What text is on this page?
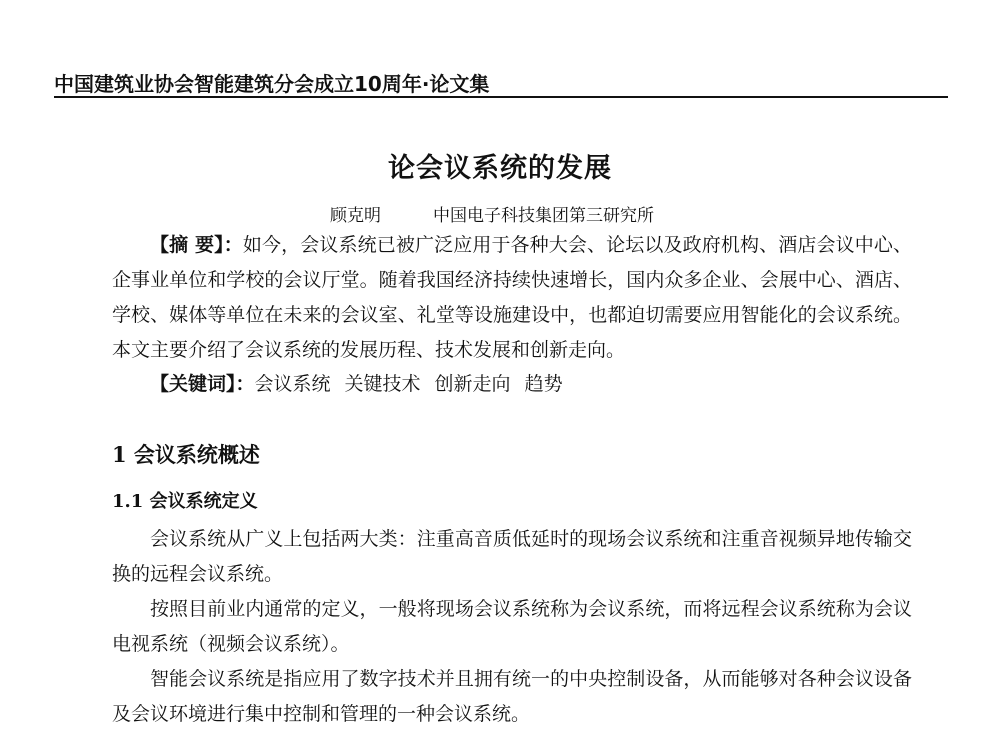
中国建筑业协会智能建筑分会成立10周年·论文集
论会议系统的发展
顾克明	中国电子科技集团第三研究所
【摘 要】：如今，会议系统已被广泛应用于各种大会、论坛以及政府机构、酒店会议中心、企事业单位和学校的会议厅堂。随着我国经济持续快速增长，国内众多企业、会展中心、酒店、学校、媒体等单位在未来的会议室、礼堂等设施建设中，也都迫切需要应用智能化的会议系统。本文主要介绍了会议系统的发展历程、技术发展和创新走向。
【关键词】：会议系统 关键技术 创新走向 趋势
1 会议系统概述
1.1 会议系统定义
会议系统从广义上包括两大类：注重高音质低延时的现场会议系统和注重音视频异地传输交换的远程会议系统。
按照目前业内通常的定义，一般将现场会议系统称为会议系统，而将远程会议系统称为会议电视系统（视频会议系统）。
智能会议系统是指应用了数字技术并且拥有统一的中央控制设备，从而能够对各种会议设备及会议环境进行集中控制和管理的一种会议系统。
